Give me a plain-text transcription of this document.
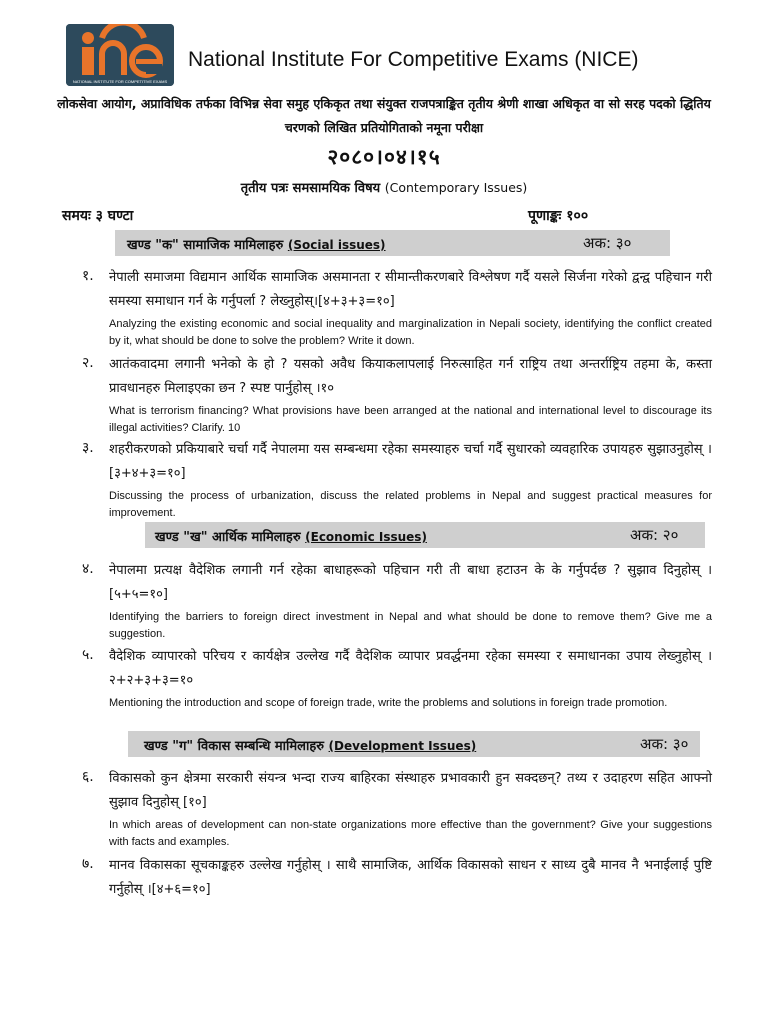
NATIONAL INSTITUTE FOR COMPETITIVE EXAMS
National Institute For Competitive Exams (NICE)
लोकसेवा आयोग, अप्राविधिक तर्फका विभिन्न सेवा समुह एकिकृत तथा संयुक्त राजपत्राङ्कित तृतीय श्रेणी शाखा अधिकृत वा सो सरह पदको द्धितिय चरणको लिखित प्रतियोगिताको नमूना परीक्षा
२०८०।०४।१५
तृतीय पत्रः समसामयिक विषय (Contemporary Issues)
समयः ३ घण्टा	पूणाङ्कः १००
खण्ड "क" सामाजिक मामिलाहरु (Social issues)	अक: ३०
१. नेपाली समाजमा विद्यमान आर्थिक सामाजिक असमानता र सीमान्तीकरणबारे विश्लेषण गर्दै यसले सिर्जना गरेको द्वन्द्व पहिचान गरी समस्या समाधान गर्न के गर्नुपर्ला ? लेख्नुहोस्।[४+३+३=१०]
Analyzing the existing economic and social inequality and marginalization in Nepali society, identifying the conflict created by it, what should be done to solve the problem? Write it down.
२. आतंकवादमा लगानी भनेको के हो ? यसको अवैध कियाकलापलाई निरुत्साहित गर्न राष्ट्रिय तथा अन्तर्राष्ट्रिय तहमा के, कस्ता प्रावधानहरु मिलाइएका छन ? स्पष्ट पार्नुहोस् ।१०
What is terrorism financing? What provisions have been arranged at the national and international level to discourage its illegal activities? Clarify. 10
३. शहरीकरणको प्रकियाबारे चर्चा गर्दै नेपालमा यस सम्बन्धमा रहेका समस्याहरु चर्चा गर्दै सुधारको व्यवहारिक उपायहरु सुझाउनुहोस् । [३+४+३=१०]
Discussing the process of urbanization, discuss the related problems in Nepal and suggest practical measures for improvement.
खण्ड "ख" आर्थिक मामिलाहरु (Economic Issues)	अक: २०
४. नेपालमा प्रत्यक्ष वैदेशिक लगानी गर्न रहेका बाधाहरूको पहिचान गरी ती बाधा हटाउन के के गर्नुपर्दछ ? सुझाव दिनुहोस् ।[५+५=१०]
Identifying the barriers to foreign direct investment in Nepal and what should be done to remove them? Give me a suggestion.
५. वैदेशिक व्यापारको परिचय र कार्यक्षेत्र उल्लेख गर्दै वैदेशिक व्यापार प्रवर्द्धनमा रहेका समस्या र समाधानका उपाय लेख्नुहोस् । २+२+३+३=१०
Mentioning the introduction and scope of foreign trade, write the problems and solutions in foreign trade promotion.
खण्ड "ग" विकास सम्बन्धि मामिलाहरु (Development Issues)	अक: ३०
६. विकासको कुन क्षेत्रमा सरकारी संयन्त्र भन्दा राज्य बाहिरका संस्थाहरु प्रभावकारी हुन सक्दछन्? तथ्य र उदाहरण सहित आफ्नो सुझाव दिनुहोस् [१०]
In which areas of development can non-state organizations more effective than the government? Give your suggestions with facts and examples.
७. मानव विकासका सूचकाङ्कहरु उल्लेख गर्नुहोस् । साथै सामाजिक, आर्थिक विकासको साधन र साध्य दुबै मानव नै भनाईलाई पुष्टि गर्नुहोस् ।[४+६=१०]
